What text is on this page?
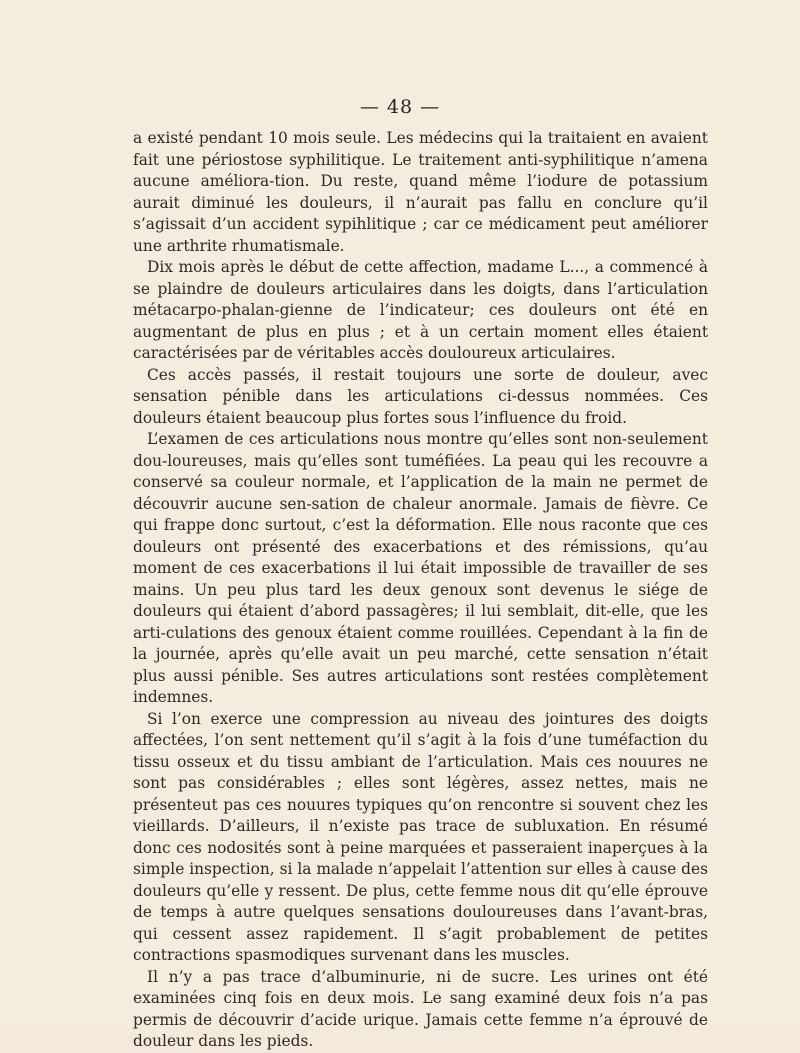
— 48 —

a existé pendant 10 mois seule. Les médecins qui la traitaient en avaient fait une périostose syphilitique. Le traitement anti-syphilitique n’amena aucune améliora-tion. Du reste, quand même l’iodure de potassium aurait diminué les douleurs, il n’aurait pas fallu en conclure qu’il s’agissait d’un accident sypihlitique ; car ce médicament peut améliorer une arthrite rhumatismale.

Dix mois après le début de cette affection, madame L..., a commencé à se plaindre de douleurs articulaires dans les doigts, dans l’articulation métacarpo-phalan-gienne de l’indicateur; ces douleurs ont été en augmentant de plus en plus ; et à un certain moment elles étaient caractérisées par de véritables accès douloureux articulaires.

Ces accès passés, il restait toujours une sorte de douleur, avec sensation pénible dans les articulations ci-dessus nommées. Ces douleurs étaient beaucoup plus fortes sous l’influence du froid.

L’examen de ces articulations nous montre qu’elles sont non-seulement dou-loureuses, mais qu’elles sont tuméfiées. La peau qui les recouvre a conservé sa couleur normale, et l’application de la main ne permet de découvrir aucune sen-sation de chaleur anormale. Jamais de fièvre. Ce qui frappe donc surtout, c’est la déformation. Elle nous raconte que ces douleurs ont présenté des exacerbations et des rémissions, qu’au moment de ces exacerbations il lui était impossible de travailler de ses mains. Un peu plus tard les deux genoux sont devenus le siége de douleurs qui étaient d’abord passagères; il lui semblait, dit-elle, que les arti-culations des genoux étaient comme rouillées. Cependant à la fin de la journée, après qu’elle avait un peu marché, cette sensation n’était plus aussi pénible. Ses autres articulations sont restées complètement indemnes.

Si l’on exerce une compression au niveau des jointures des doigts affectées, l’on sent nettement qu’il s’agit à la fois d’une tuméfaction du tissu osseux et du tissu ambiant de l’articulation. Mais ces nouures ne sont pas considérables ; elles sont légères, assez nettes, mais ne présenteut pas ces nouures typiques qu’on rencontre si souvent chez les vieillards. D’ailleurs, il n’existe pas trace de subluxation. En résumé donc ces nodosités sont à peine marquées et passeraient inaperçues à la simple inspection, si la malade n’appelait l’attention sur elles à cause des douleurs qu’elle y ressent. De plus, cette femme nous dit qu’elle éprouve de temps à autre quelques sensations douloureuses dans l’avant-bras, qui cessent assez rapidement. Il s’agit probablement de petites contractions spasmodiques survenant dans les muscles.

Il n’y a pas trace d’albuminurie, ni de sucre. Les urines ont été examinées cinq fois en deux mois. Le sang examiné deux fois n’a pas permis de découvrir d’acide urique. Jamais cette femme n’a éprouvé de douleur dans les pieds.
